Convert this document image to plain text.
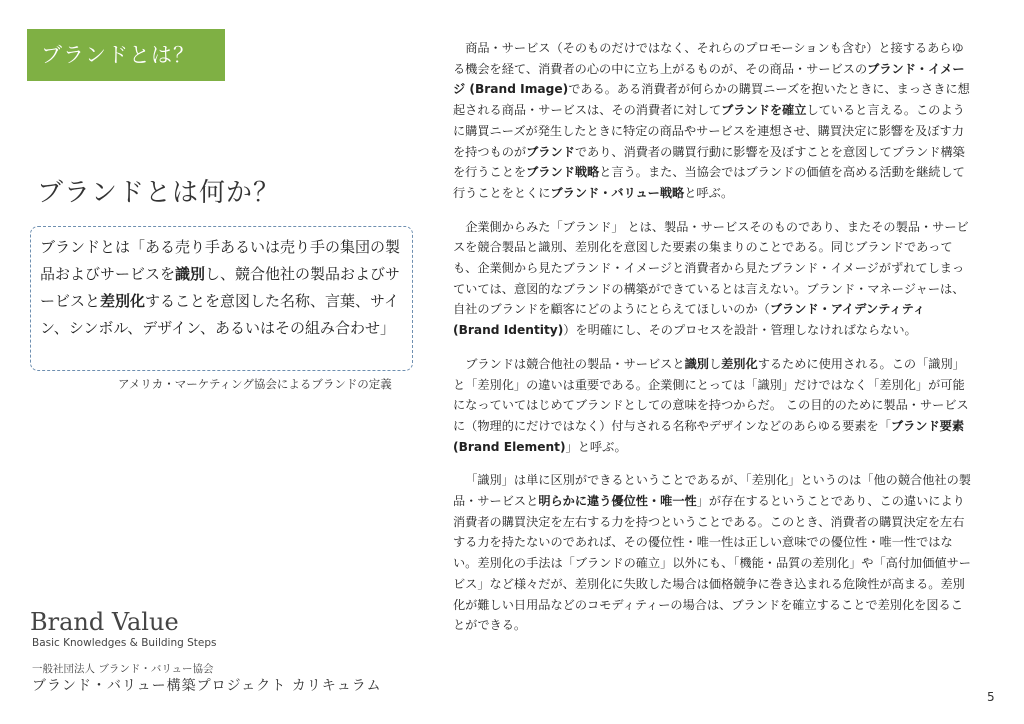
ブランドとは？
ブランドとは何か？
ブランドとは「ある売り手あるいは売り手の集団の製品およびサービスを識別し、競合他社の製品およびサービスと差別化することを意図した名称、言葉、サイン、シンボル、デザイン、あるいはその組み合わせ」
アメリカ・マーケティング協会によるブランドの定義
Brand Value
Basic Knowledges & Building Steps
一般社団法人 ブランド・バリュー協会
ブランド・バリュー構築プロジェクト カリキュラム

商品・サービス（そのものだけではなく、それらのプロモーションも含む）と接するあらゆる機会を経て、消費者の心の中に立ち上がるものが、その商品・サービスのブランド・イメージ (Brand Image)である。ある消費者が何らかの購買ニーズを抱いたときに、まっさきに想起される商品・サービスは、その消費者に対してブランドを確立していると言える。このように購買ニーズが発生したときに特定の商品やサービスを連想させ、購買決定に影響を及ぼす力を持つものがブランドであり、消費者の購買行動に影響を及ぼすことを意図してブランド構築を行うことをブランド戦略と言う。また、当協会ではブランドの価値を高める活動を継続して行うことをとくにブランド・バリュー戦略と呼ぶ。

企業側からみた「ブランド」 とは、製品・サービスそのものであり、またその製品・サービスを競合製品と識別、差別化を意図した要素の集まりのことである。同じブランドであっても、企業側から見たブランド・イメージと消費者から見たブランド・イメージがずれてしまっていては、意図的なブランドの構築ができているとは言えない。ブランド・マネージャーは、自社のブランドを顧客にどのようにとらえてほしいのか（ブランド・アイデンティティ (Brand Identity)）を明確にし、そのプロセスを設計・管理しなければならない。

ブランドは競合他社の製品・サービスと識別し差別化するために使用される。この「識別」と「差別化」の違いは重要である。企業側にとっては「識別」だけではなく「差別化」が可能になっていてはじめてブランドとしての意味を持つからだ。 この目的のために製品・サービスに（物理的にだけではなく）付与される名称やデザインなどのあらゆる要素を「ブランド要素 (Brand Element)」と呼ぶ。

「識別」は単に区別ができるということであるが、「差別化」というのは「他の競合他社の製品・サービスと明らかに違う優位性・唯一性」が存在するということであり、この違いにより消費者の購買決定を左右する力を持つということである。このとき、消費者の購買決定を左右する力を持たないのであれば、その優位性・唯一性は正しい意味での優位性・唯一性ではない。差別化の手法は「ブランドの確立」以外にも、「機能・品質の差別化」や「高付加価値サービス」など様々だが、差別化に失敗した場合は価格競争に巻き込まれる危険性が高まる。差別化が難しい日用品などのコモディティーの場合は、ブランドを確立することで差別化を図ることができる。

5
